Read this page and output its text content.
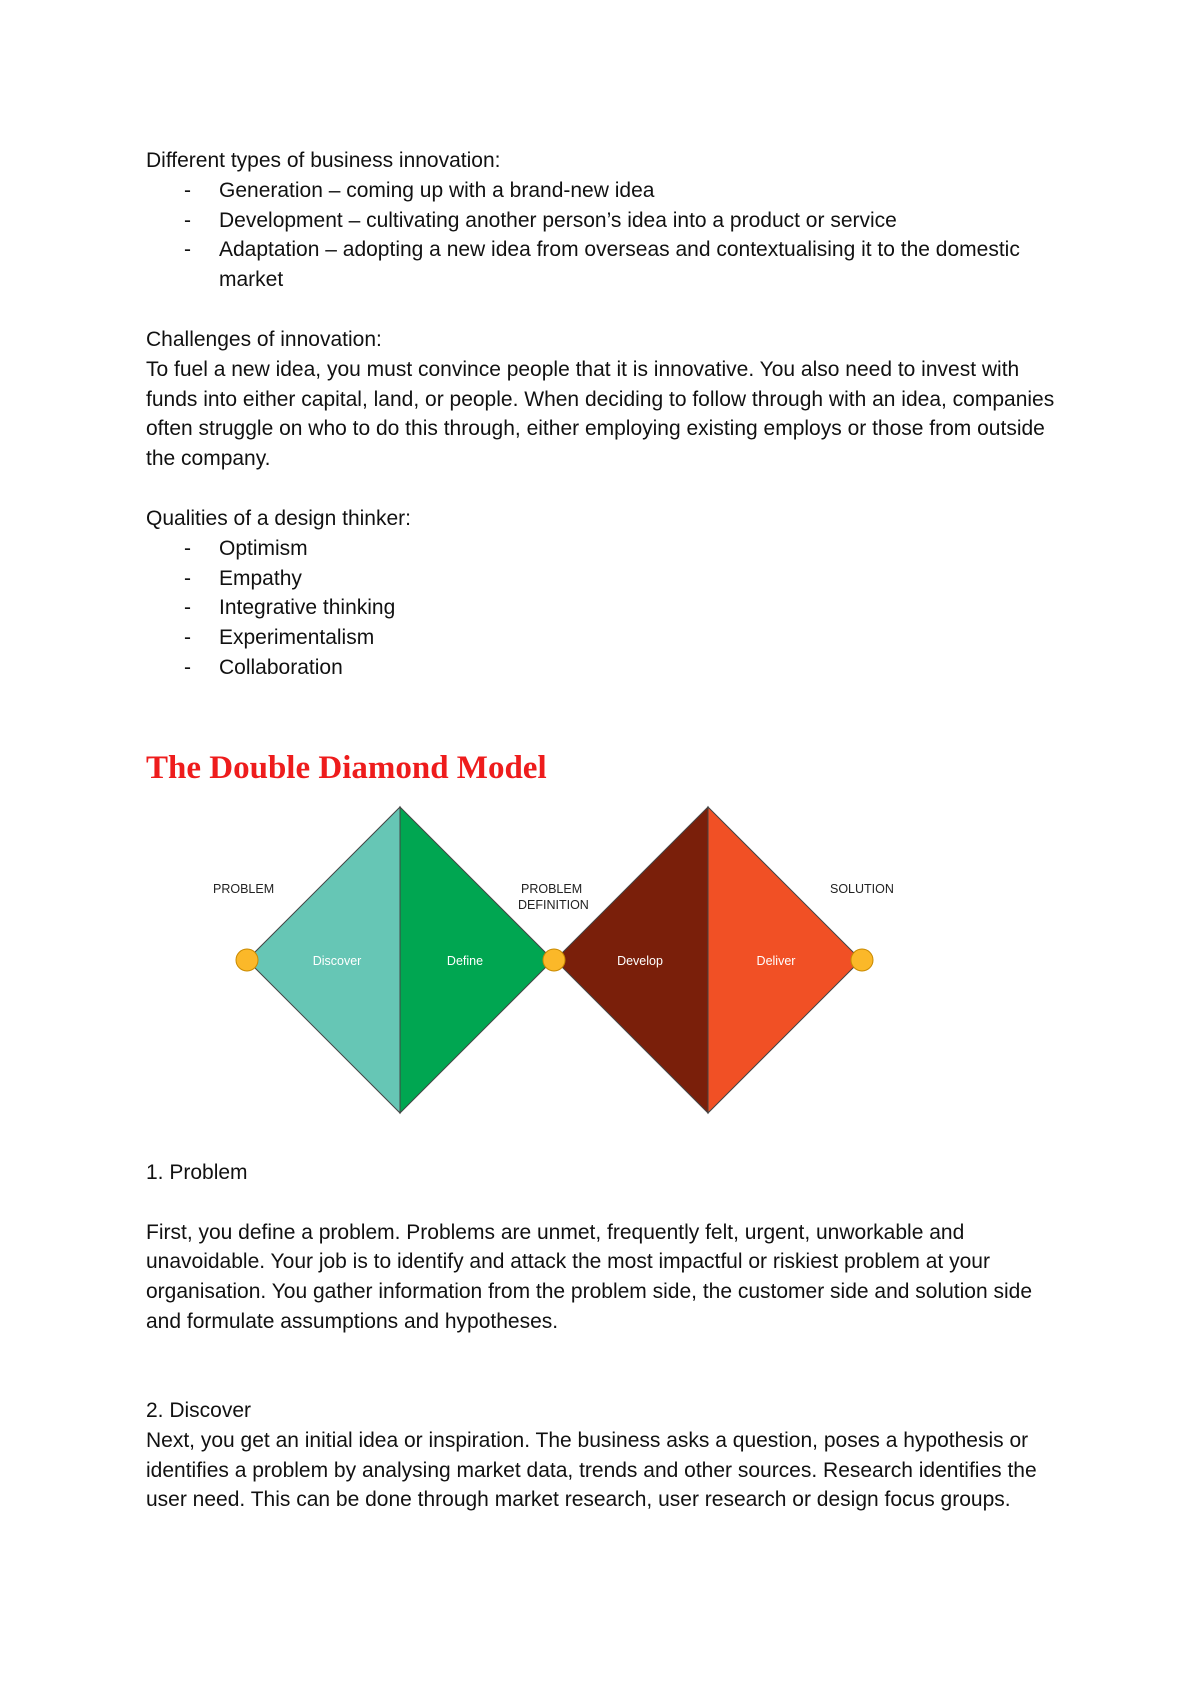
Different types of business innovation:

- Generation – coming up with a brand-new idea
- Development – cultivating another person’s idea into a product or service
- Adaptation – adopting a new idea from overseas and contextualising it to the domestic market

Challenges of innovation:

To fuel a new idea, you must convince people that it is innovative. You also need to invest with funds into either capital, land, or people. When deciding to follow through with an idea, companies often struggle on who to do this through, either employing existing employs or those from outside the company.

Qualities of a design thinker:

- Optimism
- Empathy
- Integrative thinking
- Experimentalism
- Collaboration
The Double Diamond Model
Discover	Define	Develop	Deliver
PROBLEM	PROBLEM
DEFINITION
SOLUTION

1. Problem

First, you define a problem. Problems are unmet, frequently felt, urgent, unworkable and unavoidable. Your job is to identify and attack the most impactful or riskiest problem at your organisation. You gather information from the problem side, the customer side and solution side and formulate assumptions and hypotheses.

2. Discover

Next, you get an initial idea or inspiration. The business asks a question, poses a hypothesis or identifies a problem by analysing market data, trends and other sources. Research identifies the user need. This can be done through market research, user research or design focus groups.
